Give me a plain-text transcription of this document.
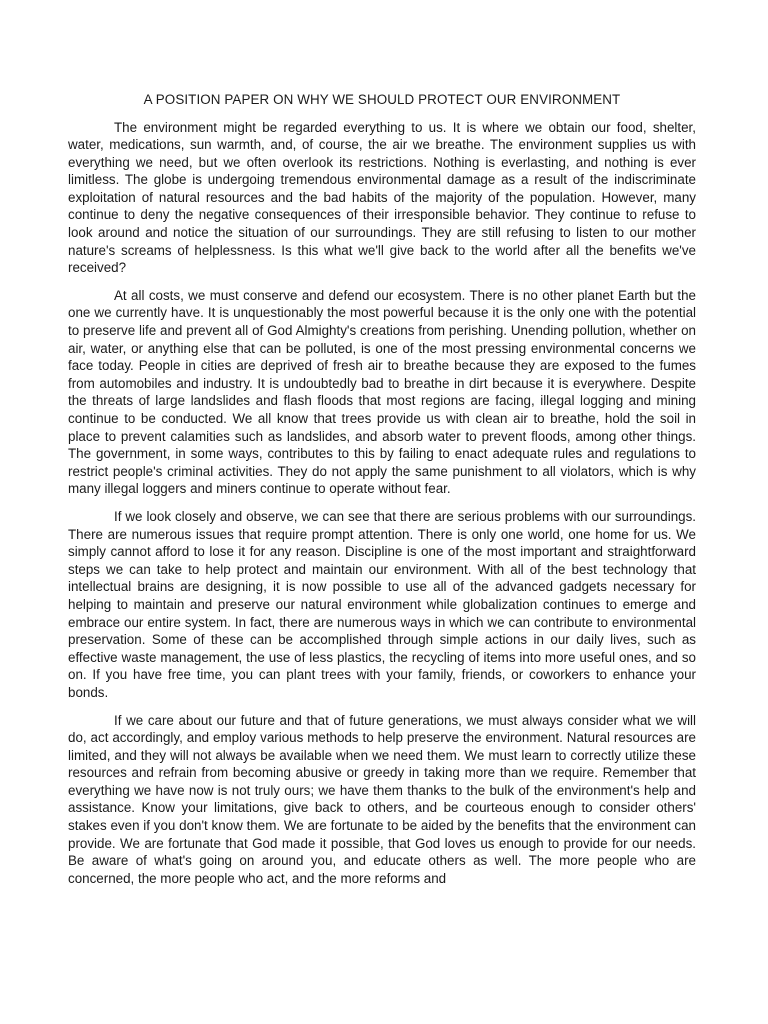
A POSITION PAPER ON WHY WE SHOULD PROTECT OUR ENVIRONMENT

The environment might be regarded everything to us. It is where we obtain our food, shelter, water, medications, sun warmth, and, of course, the air we breathe. The environment supplies us with everything we need, but we often overlook its restrictions. Nothing is everlasting, and nothing is ever limitless. The globe is undergoing tremendous environmental damage as a result of the indiscriminate exploitation of natural resources and the bad habits of the majority of the population. However, many continue to deny the negative consequences of their irresponsible behavior. They continue to refuse to look around and notice the situation of our surroundings. They are still refusing to listen to our mother nature's screams of helplessness. Is this what we'll give back to the world after all the benefits we've received?

At all costs, we must conserve and defend our ecosystem. There is no other planet Earth but the one we currently have. It is unquestionably the most powerful because it is the only one with the potential to preserve life and prevent all of God Almighty's creations from perishing. Unending pollution, whether on air, water, or anything else that can be polluted, is one of the most pressing environmental concerns we face today. People in cities are deprived of fresh air to breathe because they are exposed to the fumes from automobiles and industry. It is undoubtedly bad to breathe in dirt because it is everywhere. Despite the threats of large landslides and flash floods that most regions are facing, illegal logging and mining continue to be conducted. We all know that trees provide us with clean air to breathe, hold the soil in place to prevent calamities such as landslides, and absorb water to prevent floods, among other things. The government, in some ways, contributes to this by failing to enact adequate rules and regulations to restrict people's criminal activities. They do not apply the same punishment to all violators, which is why many illegal loggers and miners continue to operate without fear.

If we look closely and observe, we can see that there are serious problems with our surroundings. There are numerous issues that require prompt attention. There is only one world, one home for us. We simply cannot afford to lose it for any reason. Discipline is one of the most important and straightforward steps we can take to help protect and maintain our environment. With all of the best technology that intellectual brains are designing, it is now possible to use all of the advanced gadgets necessary for helping to maintain and preserve our natural environment while globalization continues to emerge and embrace our entire system. In fact, there are numerous ways in which we can contribute to environmental preservation. Some of these can be accomplished through simple actions in our daily lives, such as effective waste management, the use of less plastics, the recycling of items into more useful ones, and so on. If you have free time, you can plant trees with your family, friends, or coworkers to enhance your bonds.

If we care about our future and that of future generations, we must always consider what we will do, act accordingly, and employ various methods to help preserve the environment. Natural resources are limited, and they will not always be available when we need them. We must learn to correctly utilize these resources and refrain from becoming abusive or greedy in taking more than we require. Remember that everything we have now is not truly ours; we have them thanks to the bulk of the environment's help and assistance. Know your limitations, give back to others, and be courteous enough to consider others' stakes even if you don't know them. We are fortunate to be aided by the benefits that the environment can provide. We are fortunate that God made it possible, that God loves us enough to provide for our needs. Be aware of what's going on around you, and educate others as well. The more people who are concerned, the more people who act, and the more reforms and
